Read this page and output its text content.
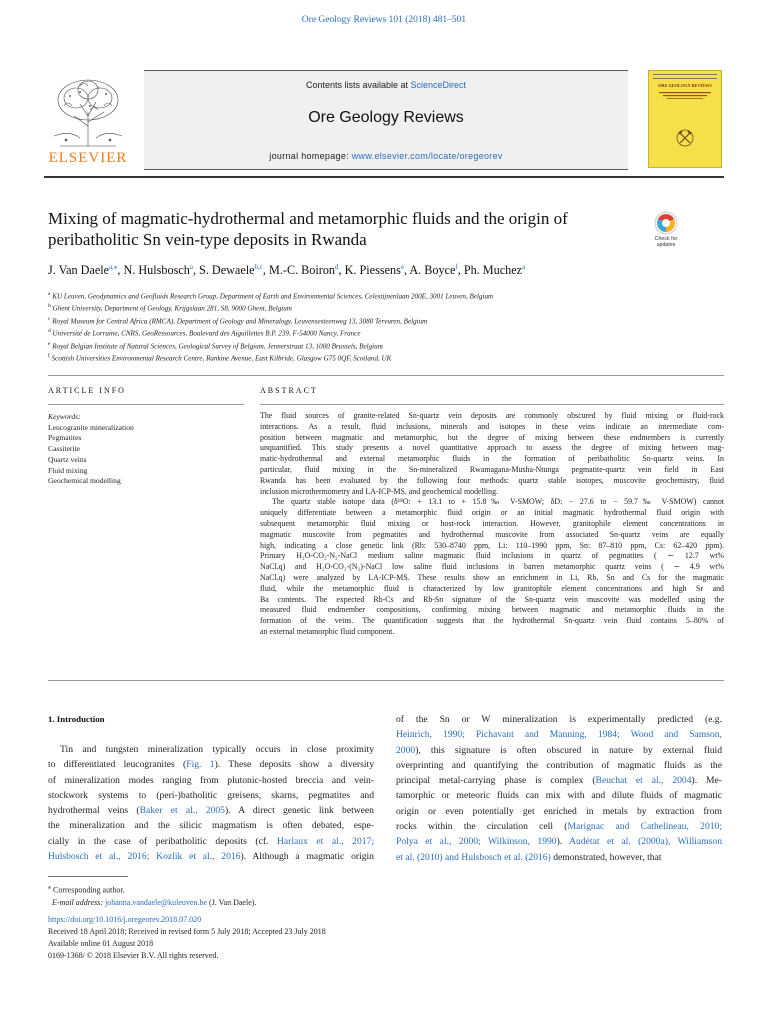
Ore Geology Reviews 101 (2018) 481–501
ELSEVIER
Contents lists available at ScienceDirect
Ore Geology Reviews
journal homepage: www.elsevier.com/locate/oregeorev
ORE GEOLOGY REVIEWS
Mixing of magmatic-hydrothermal and metamorphic fluids and the origin of
peribatholitic Sn vein-type deposits in Rwanda	Check for
updates
J. Van Daele$^{a,⁎}$, N. Hulsbosch$^a$, S. Dewaele$^{b,c}$, M.-C. Boiron$^d$, K. Piessens$^e$, A. Boyce$^f$, Ph. Muchez$^a$
$^a$ KU Leuven, Geodynamics and Geofluids Research Group, Department of Earth and Environmental Sciences, Celestijnenlaan 200E, 3001 Leuven, Belgium
$^b$ Ghent University, Department of Geology, Krijgslaan 281, S8, 9000 Ghent, Belgium
$^c$ Royal Museum for Central Africa (RMCA), Department of Geology and Mineralogy, Leuvensesteenweg 13, 3080 Tervuren, Belgium
$^d$ Université de Lorraine, CNRS, GeoRessources, Boulevard des Aiguillettes B.P. 239, F-54000 Nancy, France
$^e$ Royal Belgian Institute of Natural Sciences, Geological Survey of Belgium, Jennerstraat 13, 1000 Brussels, Belgium
$^f$ Scottish Universities Environmental Research Centre, Rankine Avenue, East Kilbride, Glasgow G75 0QF, Scotland, UK
ARTICLE INFO	ABSTRACT
Keywords:
Leucogranite mineralization
Pegmatites
Cassiterite
Quartz veins
Fluid mixing
Geochemical modelling
The fluid sources of granite-related Sn-quartz vein deposits are commonly obscured by fluid mixing or fluid-rock
interactions. As a result, fluid inclusions, minerals and isotopes in these veins indicate an intermediate com-
position between magmatic and metamorphic, but the degree of mixing between these endmembers is currently
unquantified. This study presents a novel quantitative approach to assess the degree of mixing between mag-
matic-hydrothermal and external metamorphic fluids in the formation of peribatholitic Sn-quartz veins. In
particular, fluid mixing in the Sn-mineralized Rwamagana-Musha-Ntunga pegmatite-quartz vein field in East
Rwanda has been evaluated by the following four methods: quartz stable isotopes, muscovite geochemistry, fluid
inclusion microthermometry and LA-ICP-MS, and geochemical modelling.
The quartz stable isotope data (δ¹⁸O: + 13.1 to + 15.8‰ V-SMOW; δD: − 27.6 to − 59.7‰ V-SMOW) cannot
uniquely differentiate between a metamorphic fluid origin or an initial magmatic hydrothermal fluid origin with
subsequent metamorphic fluid mixing or host-rock interaction. However, granitophile element concentrations in
magmatic muscovite from pegmatites and hydrothermal muscovite from associated Sn-quartz veins are equally
high, indicating a close genetic link (Rb: 530–8740 ppm, Li: 110–1990 ppm, Sn: 87–810 ppm, Cs: 62–420 ppm).
Primary H₂O-CO₂-N₂-NaCl medium saline magmatic fluid inclusions in quartz of pegmatites ( ∼ 12.7 wt%
NaClₑq) and H₂O-CO₂-(N₂)-NaCl low saline fluid inclusions in barren metamorphic quartz veins ( ∼ 4.9 wt%
NaClₑq) were analyzed by LA-ICP-MS. These results show an enrichment in Li, Rb, Sn and Cs for the magmatic
fluid, while the metamorphic fluid is characterized by low granitophile element concentrations and high Sr and
Ba contents. The expected Rb-Cs and Rb-Sn signature of the Sn-quartz vein muscovite was modelled using the
measured fluid endmember compositions, confirming mixing between magmatic and metamorphic fluids in the
formation of the veins. The quantification suggests that the hydrothermal Sn-quartz vein fluid contains 5–80% of
an external metamorphic fluid component.
1. Introduction
Tin and tungsten mineralization typically occurs in close proximity
to differentiated leucogranites (Fig. 1). These deposits show a diversity
of mineralization modes ranging from plutonic-hosted breccia and vein-
stockwork systems to (peri-)batholitic greisens, skarns, pegmatites and
hydrothermal veins (Baker et al., 2005). A direct genetic link between
the mineralization and the silicic magmatism is often debated, espe-
cially in the case of peribatholitic deposits (cf. Harlaux et al., 2017;
Hulsbosch et al., 2016; Kozlik et al., 2016). Although a magmatic origin
of the Sn or W mineralization is experimentally predicted (e.g.
Heinrich, 1990; Pichavant and Manning, 1984; Wood and Samson,
2000), this signature is often obscured in nature by external fluid
overprinting and quantifying the contribution of magmatic fluids as the
principal metal-carrying phase is complex (Beuchat et al., 2004). Me-
tamorphic or meteoric fluids can mix with and dilute fluids of magmatic
origin or even potentially get enriched in metals by extraction from
rocks within the circulation cell (Marignac and Cathelineau, 2010;
Polya et al., 2000; Wilkinson, 1990). Audétat et al. (2000a), Williamson
et al. (2010) and Hulsbosch et al. (2016) demonstrated, however, that
⁎ Corresponding author.
E-mail address: johanna.vandaele@kuleuven.be (J. Van Daele).
https://doi.org/10.1016/j.oregeorev.2018.07.020
Received 18 April 2018; Received in revised form 5 July 2018; Accepted 23 July 2018
Available online 01 August 2018
0169-1368/ © 2018 Elsevier B.V. All rights reserved.
